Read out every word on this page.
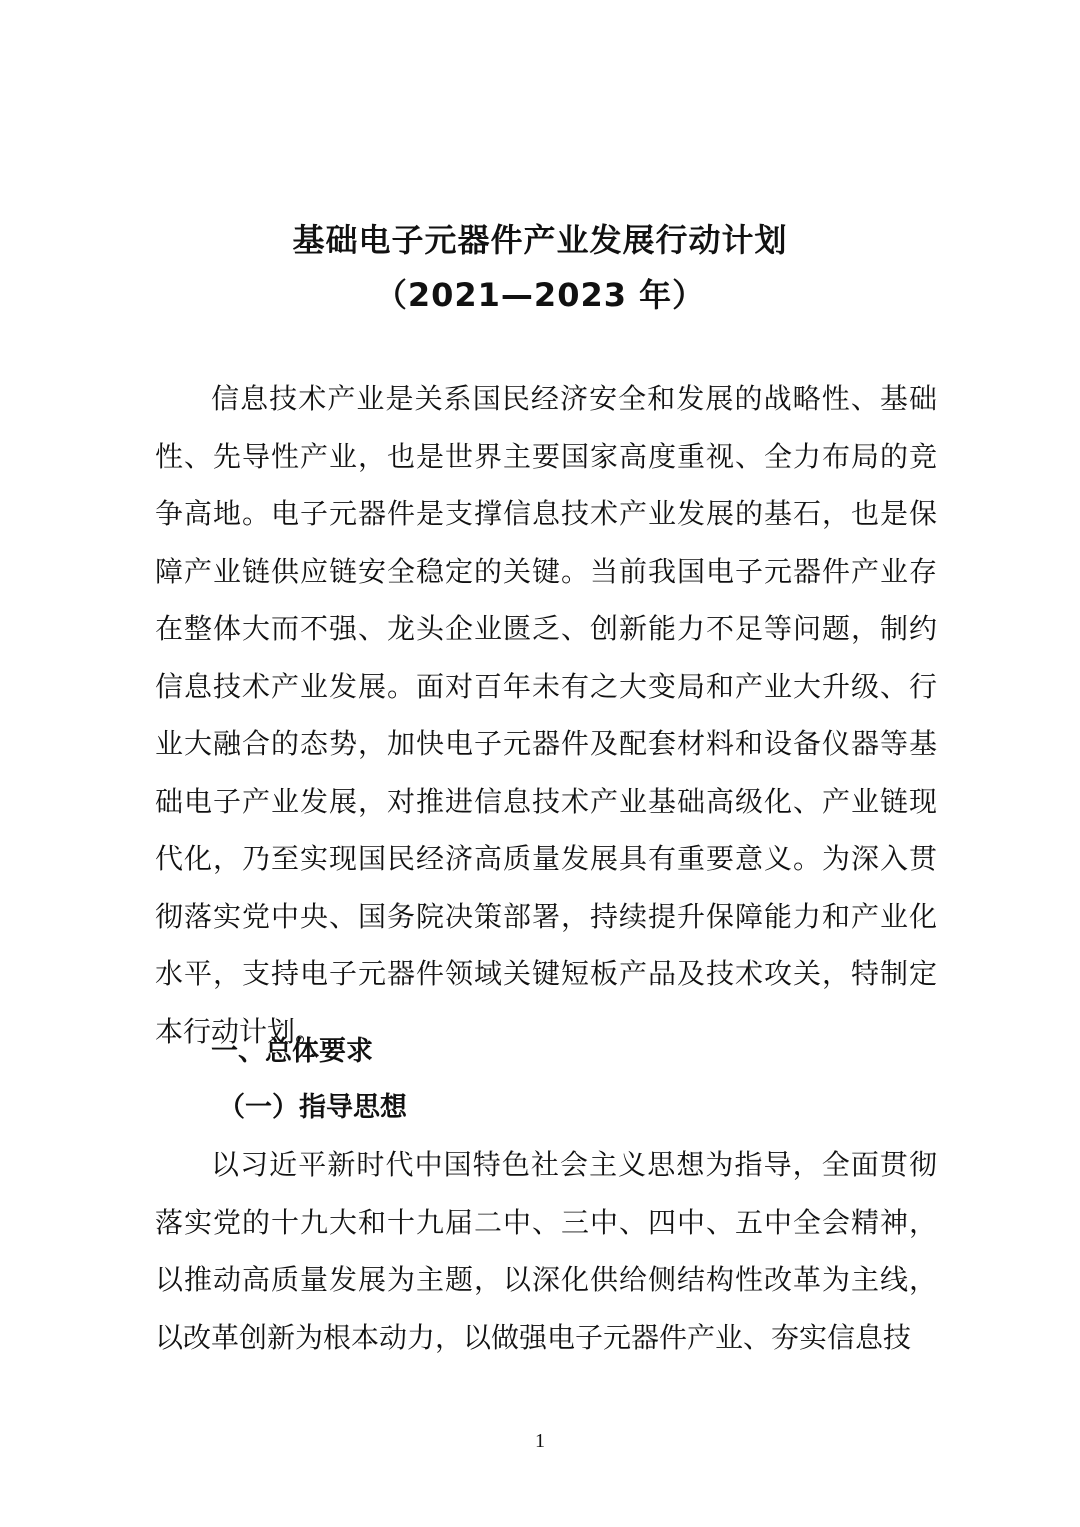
基础电子元器件产业发展行动计划
（2021—2023 年）

信息技术产业是关系国民经济安全和发展的战略性、基础性、先导性产业，也是世界主要国家高度重视、全力布局的竞争高地。电子元器件是支撑信息技术产业发展的基石，也是保障产业链供应链安全稳定的关键。当前我国电子元器件产业存在整体大而不强、龙头企业匮乏、创新能力不足等问题，制约信息技术产业发展。面对百年未有之大变局和产业大升级、行业大融合的态势，加快电子元器件及配套材料和设备仪器等基础电子产业发展，对推进信息技术产业基础高级化、产业链现代化，乃至实现国民经济高质量发展具有重要意义。为深入贯彻落实党中央、国务院决策部署，持续提升保障能力和产业化水平，支持电子元器件领域关键短板产品及技术攻关，特制定本行动计划。

一、总体要求
（一）指导思想

以习近平新时代中国特色社会主义思想为指导，全面贯彻落实党的十九大和十九届二中、三中、四中、五中全会精神，以推动高质量发展为主题，以深化供给侧结构性改革为主线，以改革创新为根本动力，以做强电子元器件产业、夯实信息技

1
